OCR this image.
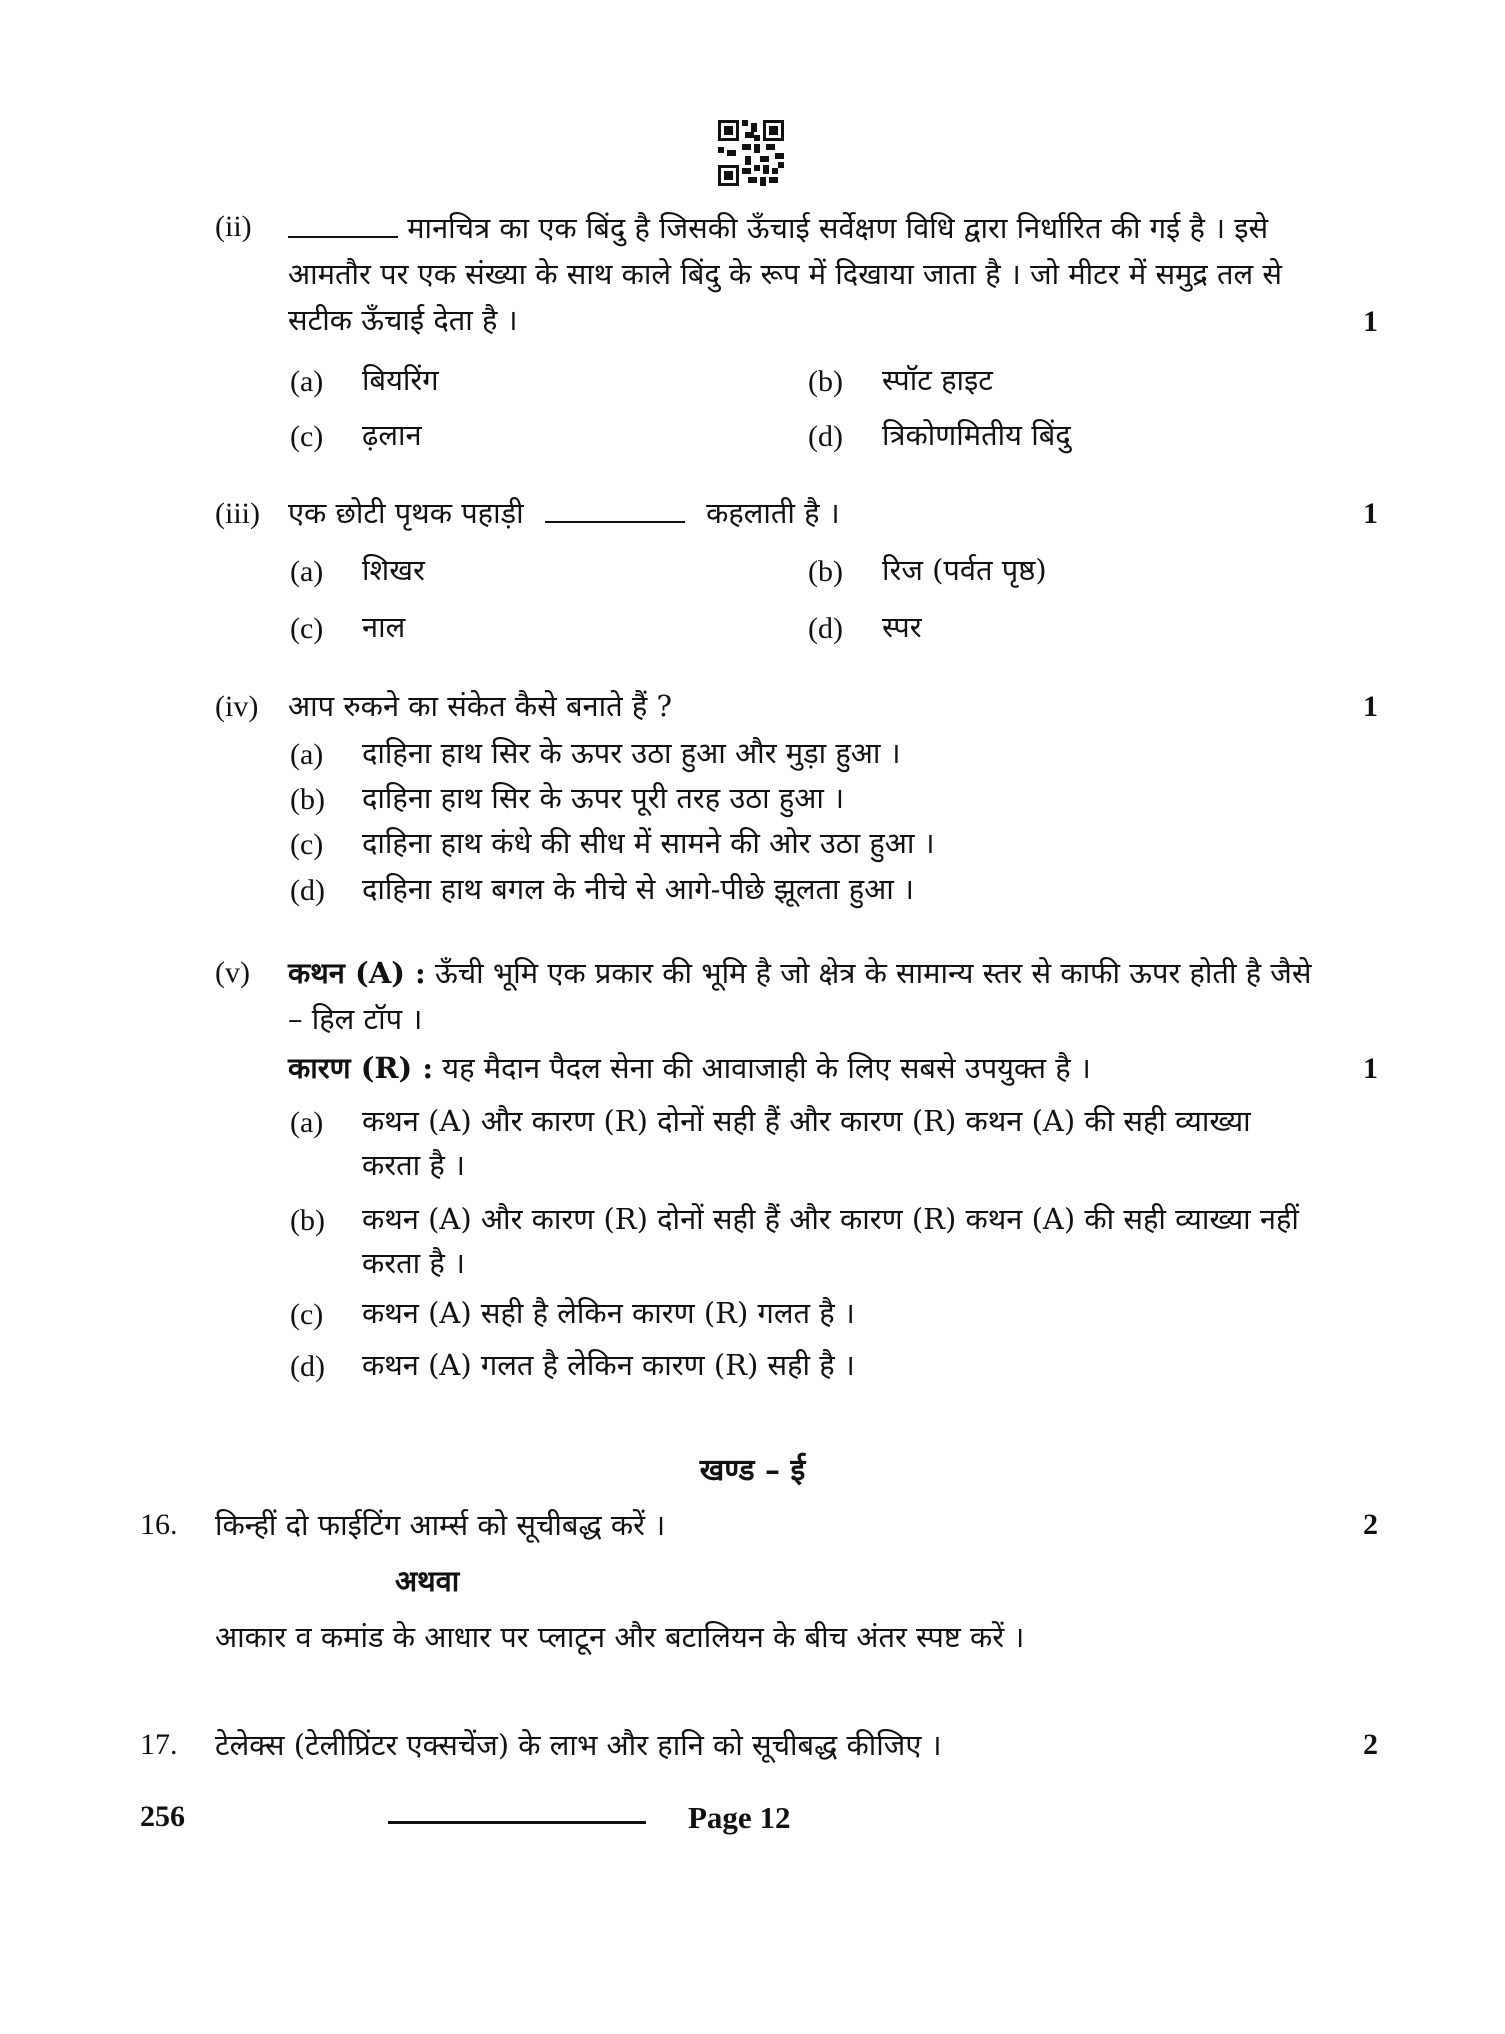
(ii)	मानचित्र का एक बिंदु है जिसकी ऊँचाई सर्वेक्षण विधि द्वारा निर्धारित की गई है । इसे
आमतौर पर एक संख्या के साथ काले बिंदु के रूप में दिखाया जाता है । जो मीटर में समुद्र तल से
सटीक ऊँचाई देता है ।	1
(a) बियरिंग	(b) स्पॉट हाइट
(c) ढ़लान	(d) त्रिकोणमितीय बिंदु
(iii) एक छोटी पृथक पहाड़ी	कहलाती है ।	1
(a) शिखर	(b) रिज (पर्वत पृष्ठ)
(c) नाल	(d) स्पर
(iv) आप रुकने का संकेत कैसे बनाते हैं ?	1
(a) दाहिना हाथ सिर के ऊपर उठा हुआ और मुड़ा हुआ ।
(b) दाहिना हाथ सिर के ऊपर पूरी तरह उठा हुआ ।
(c) दाहिना हाथ कंधे की सीध में सामने की ओर उठा हुआ ।
(d) दाहिना हाथ बगल के नीचे से आगे-पीछे झूलता हुआ ।
(v) कथन (A) : ऊँची भूमि एक प्रकार की भूमि है जो क्षेत्र के सामान्य स्तर से काफी ऊपर होती है जैसे
– हिल टॉप ।
कारण (R) : यह मैदान पैदल सेना की आवाजाही के लिए सबसे उपयुक्त है ।	1
(a) कथन (A) और कारण (R) दोनों सही हैं और कारण (R) कथन (A) की सही व्याख्या
करता है ।
(b) कथन (A) और कारण (R) दोनों सही हैं और कारण (R) कथन (A) की सही व्याख्या नहीं
करता है ।
(c) कथन (A) सही है लेकिन कारण (R) गलत है ।
(d) कथन (A) गलत है लेकिन कारण (R) सही है ।
खण्ड – ई
16. किन्हीं दो फाईटिंग आर्म्स को सूचीबद्ध करें ।	2
अथवा
आकार व कमांड के आधार पर प्लाटून और बटालियन के बीच अंतर स्पष्ट करें ।
17. टेलेक्स (टेलीप्रिंटर एक्सचेंज) के लाभ और हानि को सूचीबद्ध कीजिए ।	2
256	Page 12
